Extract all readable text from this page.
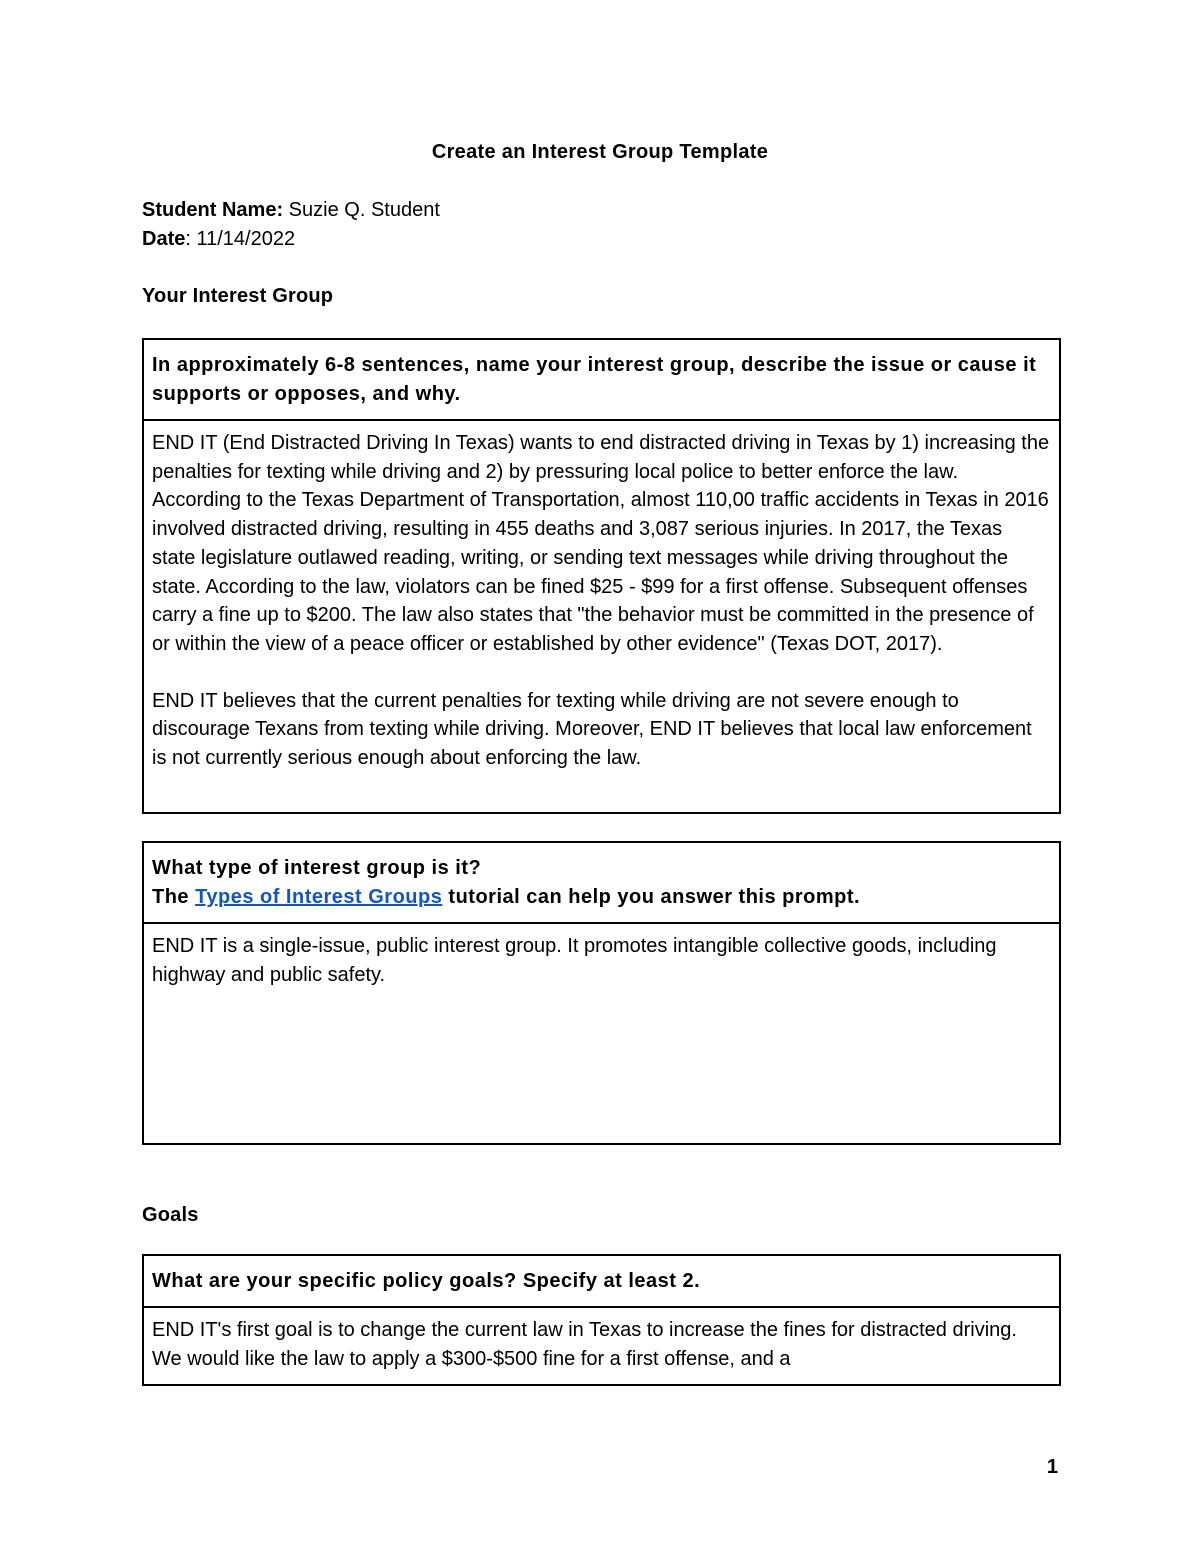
Create an Interest Group Template
Student Name: Suzie Q. Student
Date: 11/14/2022
Your Interest Group
In approximately 6-8 sentences, name your interest group, describe the issue or cause it supports or opposes, and why.

END IT (End Distracted Driving In Texas) wants to end distracted driving in Texas by 1) increasing the penalties for texting while driving and 2) by pressuring local police to better enforce the law. According to the Texas Department of Transportation, almost 110,00 traffic accidents in Texas in 2016 involved distracted driving, resulting in 455 deaths and 3,087 serious injuries. In 2017, the Texas state legislature outlawed reading, writing, or sending text messages while driving throughout the state. According to the law, violators can be fined $25 - $99 for a first offense. Subsequent offenses carry a fine up to $200. The law also states that "the behavior must be committed in the presence of or within the view of a peace officer or established by other evidence" (Texas DOT, 2017).

END IT believes that the current penalties for texting while driving are not severe enough to discourage Texans from texting while driving. Moreover, END IT believes that local law enforcement is not currently serious enough about enforcing the law.

What type of interest group is it?
The Types of Interest Groups tutorial can help you answer this prompt.

END IT is a single-issue, public interest group. It promotes intangible collective goods, including highway and public safety.

Goals
What are your specific policy goals? Specify at least 2.

END IT's first goal is to change the current law in Texas to increase the fines for distracted driving. We would like the law to apply a $300-$500 fine for a first offense, and a

1
